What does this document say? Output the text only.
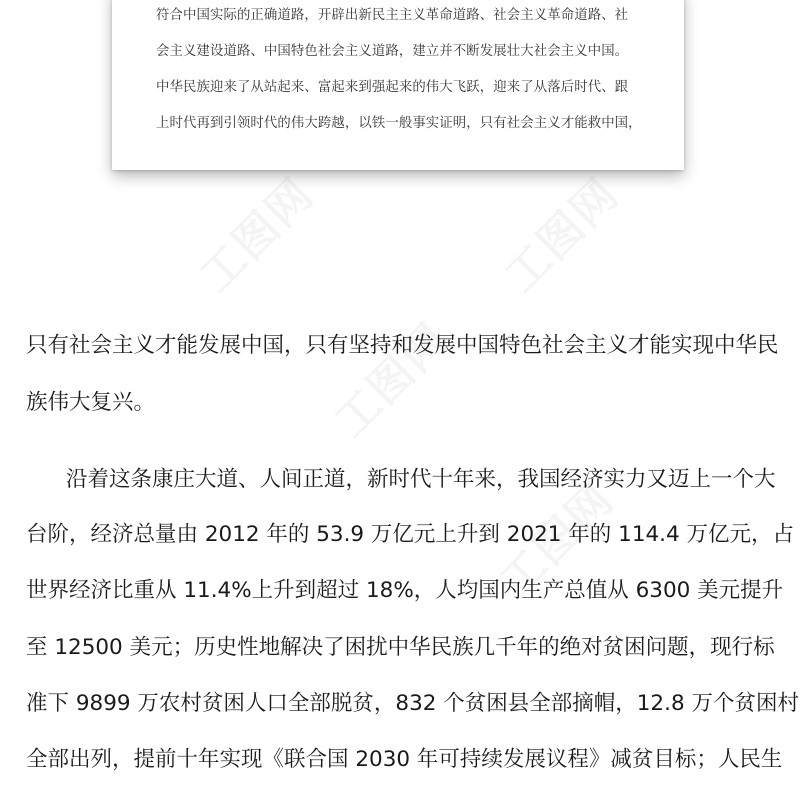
符合中国实际的正确道路，开辟出新民主主义革命道路、社会主义革命道路、社
会主义建设道路、中国特色社会主义道路，建立并不断发展壮大社会主义中国。
中华民族迎来了从站起来、富起来到强起来的伟大飞跃，迎来了从落后时代、跟
上时代再到引领时代的伟大跨越，以铁一般事实证明，只有社会主义才能救中国，
只有社会主义才能发展中国，只有坚持和发展中国特色社会主义才能实现中华民
族伟大复兴。
沿着这条康庄大道、人间正道，新时代十年来，我国经济实力又迈上一个大
台阶，经济总量由 2012 年的 53.9 万亿元上升到 2021 年的 114.4 万亿元，占
世界经济比重从 11.4%上升到超过 18%，人均国内生产总值从 6300 美元提升
至 12500 美元；历史性地解决了困扰中华民族几千年的绝对贫困问题，现行标
准下 9899 万农村贫困人口全部脱贫，832 个贫困县全部摘帽，12.8 万个贫困村
全部出列，提前十年实现《联合国 2030 年可持续发展议程》减贫目标；人民生
